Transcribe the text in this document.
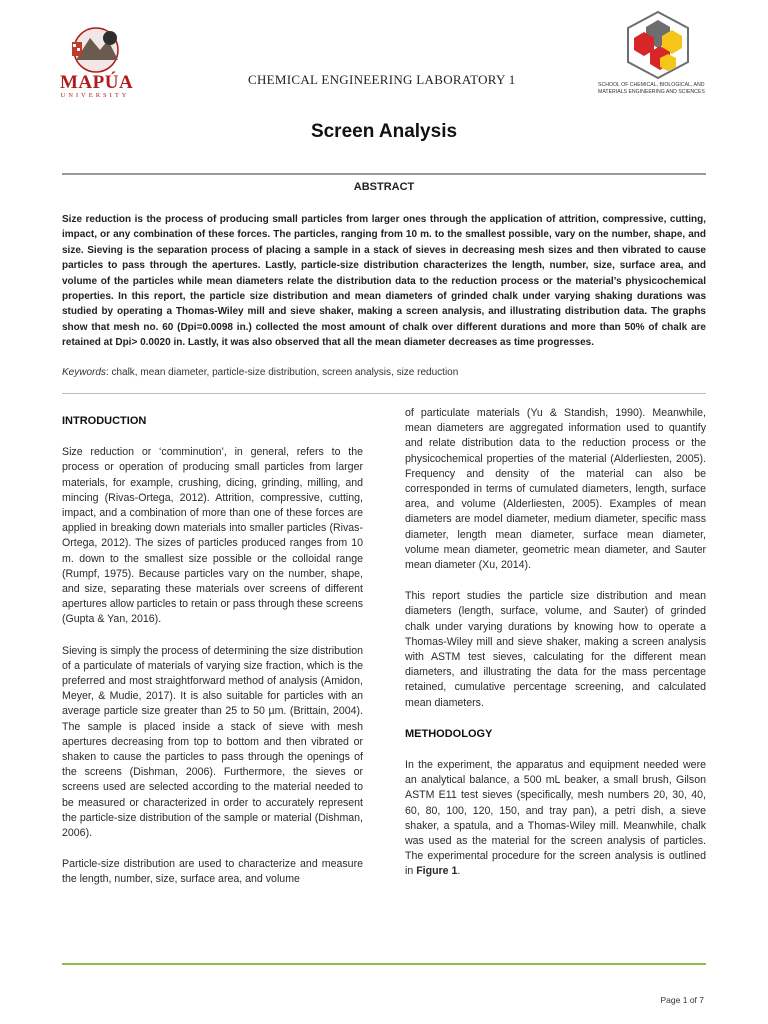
MAPÚA
UNIVERSITY
CHEMICAL ENGINEERING LABORATORY 1	SCHOOL OF CHEMICAL, BIOLOGICAL, AND MATERIALS ENGINEERING AND SCIENCES
Screen Analysis
ABSTRACT

Size reduction is the process of producing small particles from larger ones through the application of attrition, compressive, cutting, impact, or any combination of these forces. The particles, ranging from 10 m. to the smallest possible, vary on the number, shape, and size. Sieving is the separation process of placing a sample in a stack of sieves in decreasing mesh sizes and then vibrated to cause particles to pass through the apertures. Lastly, particle-size distribution characterizes the length, number, size, surface area, and volume of the particles while mean diameters relate the distribution data to the reduction process or the material’s physicochemical properties. In this report, the particle size distribution and mean diameters of grinded chalk under varying shaking durations was studied by operating a Thomas-Wiley mill and sieve shaker, making a screen analysis, and illustrating distribution data. The graphs show that mesh no. 60 (Dpi=0.0098 in.) collected the most amount of chalk over different durations and more than 50% of chalk are retained at Dpi> 0.0020 in. Lastly, it was also observed that all the mean diameter decreases as time progresses.

Keywords: chalk, mean diameter, particle-size distribution, screen analysis, size reduction
INTRODUCTION

Size reduction or ‘comminution’, in general, refers to the process or operation of producing small particles from larger materials, for example, crushing, dicing, grinding, milling, and mincing (Rivas-Ortega, 2012). Attrition, compressive, cutting, impact, and a combination of more than one of these forces are applied in breaking down materials into smaller particles (Rivas-Ortega, 2012). The sizes of particles produced ranges from 10 m. down to the smallest size possible or the colloidal range (Rumpf, 1975). Because particles vary on the number, shape, and size, separating these materials over screens of different apertures allow particles to retain or pass through these screens (Gupta & Yan, 2016).

Sieving is simply the process of determining the size distribution of a particulate of materials of varying size fraction, which is the preferred and most straightforward method of analysis (Amidon, Meyer, & Mudie, 2017). It is also suitable for particles with an average particle size greater than 25 to 50 µm. (Brittain, 2004). The sample is placed inside a stack of sieve with mesh apertures decreasing from top to bottom and then vibrated or shaken to cause the particles to pass through the openings of the screens (Dishman, 2006). Furthermore, the sieves or screens used are selected according to the material needed to be measured or characterized in order to accurately represent the particle-size distribution of the sample or material (Dishman, 2006).

Particle-size distribution are used to characterize and measure the length, number, size, surface area, and volume

of particulate materials (Yu & Standish, 1990). Meanwhile, mean diameters are aggregated information used to quantify and relate distribution data to the reduction process or the physicochemical properties of the material (Alderliesten, 2005). Frequency and density of the material can also be corresponded in terms of cumulated diameters, length, surface area, and volume (Alderliesten, 2005). Examples of mean diameters are model diameter, medium diameter, specific mass diameter, length mean diameter, surface mean diameter, volume mean diameter, geometric mean diameter, and Sauter mean diameter (Xu, 2014).

This report studies the particle size distribution and mean diameters (length, surface, volume, and Sauter) of grinded chalk under varying durations by knowing how to operate a Thomas-Wiley mill and sieve shaker, making a screen analysis with ASTM test sieves, calculating for the different mean diameters, and illustrating the data for the mass percentage retained, cumulative percentage screening, and calculated mean diameters.

METHODOLOGY

In the experiment, the apparatus and equipment needed were an analytical balance, a 500 mL beaker, a small brush, Gilson ASTM E11 test sieves (specifically, mesh numbers 20, 30, 40, 60, 80, 100, 120, 150, and tray pan), a petri dish, a sieve shaker, a spatula, and a Thomas-Wiley mill. Meanwhile, chalk was used as the material for the screen analysis of particles. The experimental procedure for the screen analysis is outlined in Figure 1.

Page 1 of 7
